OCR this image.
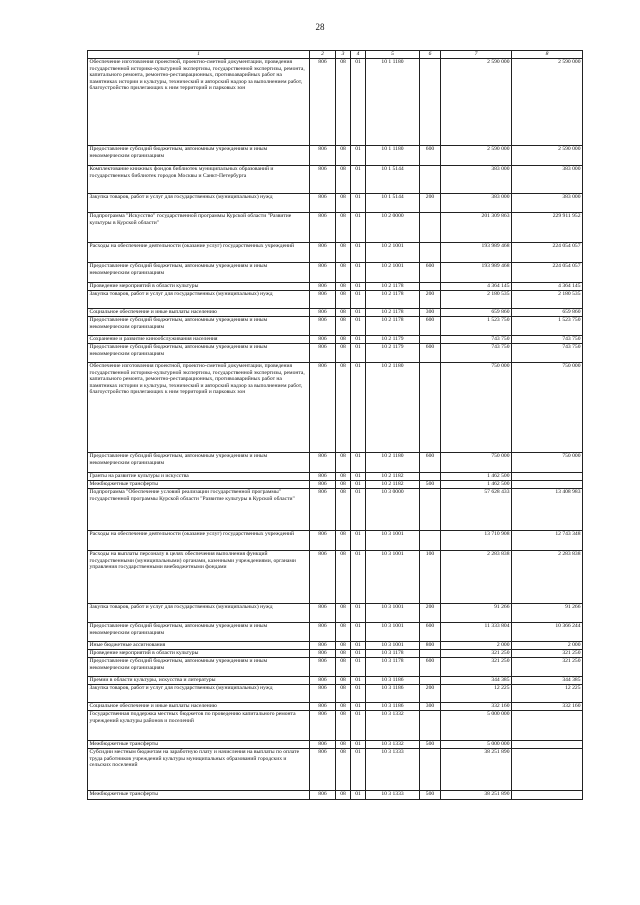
28
1	2	3	4	5	6	7	8
Обеспечение изготовления проектной, проектно-сметной документации, проведения государственной историко-культурной экспертизы, государственной экспертизы, ремонта, капитального ремонта, ремонтно-реставрационных, противоаварийных работ на памятниках истории и культуры, технический и авторский надзор за выполнением работ, благоустройство прилегающих к ним территорий и парковых зон	806	08	01	10 1 1180		2 590 000	2 590 000
Предоставление субсидий бюджетным, автономным учреждениям и иным некоммерческим организациям	806	08	01	10 1 1180	600	2 590 000	2 590 000
Комплектование книжных фондов библиотек муниципальных образований и государственных библиотек городов Москвы и Санкт-Петербурга	806	08	01	10 1 5144		383 000	383 000
Закупка товаров, работ и услуг для государственных (муниципальных) нужд	806	08	01	10 1 5144	200	383 000	383 000
Подпрограмма "Искусство" государственной программы Курской области "Развитие культуры в Курской области"	806	08	01	10 2 0000		201 309 863	229 911 952
Расходы на обеспечение деятельности (оказание услуг) государственных учреждений	806	08	01	10 2 1001		193 989 468	224 054 057
Предоставление субсидий бюджетным, автономным учреждениям и иным некоммерческим организациям	806	08	01	10 2 1001	600	193 989 468	224 054 057
Проведение мероприятий в области культуры	806	08	01	10 2 1178		4 364 145	4 364 145
Закупка товаров, работ и услуг для государственных (муниципальных) нужд	806	08	01	10 2 1178	200	2 180 535	2 180 535
Социальное обеспечение и иные выплаты населению	806	08	01	10 2 1178	300	659 860	659 860
Предоставление субсидий бюджетным, автономным учреждениям и иным некоммерческим организациям	806	08	01	10 2 1178	600	1 523 750	1 523 750
Сохранение и развитие кинообслуживания населения	806	08	01	10 2 1179		743 750	743 750
Предоставление субсидий бюджетным, автономным учреждениям и иным некоммерческим организациям	806	08	01	10 2 1179	600	743 750	743 750
Обеспечение изготовления проектной, проектно-сметной документации, проведения государственной историко-культурной экспертизы, государственной экспертизы, ремонта, капитального ремонта, ремонтно-реставрационных, противоаварийных работ на памятниках истории и культуры, технический и авторский надзор за выполнением работ, благоустройство прилегающих к ним территорий и парковых зон	806	08	01	10 2 1180		750 000	750 000
Предоставление субсидий бюджетным, автономным учреждениям и иным некоммерческим организациям	806	08	01	10 2 1180	600	750 000	750 000
Гранты на развитие культуры и искусства	806	08	01	10 2 1182		1 462 500	
Межбюджетные трансферты	806	08	01	10 2 1182	500	1 462 500	
Подпрограмма "Обеспечение условий реализации государственной программы" государственной программы Курской области "Развитие культуры в Курской области"	806	08	01	10 3 0000		57 628 433	13 408 983
Расходы на обеспечение деятельности (оказание услуг) государственных учреждений	806	08	01	10 3 1001		13 710 908	12 743 348
Расходы на выплаты персоналу в целях обеспечения выполнения функций государственными (муниципальными) органами, казенными учреждениями, органами управления государственными внебюджетными фондами	806	08	01	10 3 1001	100	2 283 838	2 283 838
Закупка товаров, работ и услуг для государственных (муниципальных) нужд	806	08	01	10 3 1001	200	91 266	91 266
Предоставление субсидий бюджетным, автономным учреждениям и иным некоммерческим организациям	806	08	01	10 3 1001	600	11 333 804	10 366 244
Иные бюджетные ассигнования	806	08	01	10 3 1001	800	2 000	2 000
Проведение мероприятий в области культуры	806	08	01	10 3 1178		321 250	321 250
Предоставление субсидий бюджетным, автономным учреждениям и иным некоммерческим организациям	806	08	01	10 3 1178	600	321 250	321 250
Премии в области культуры, искусства и литературы	806	08	01	10 3 1186		344 385	344 385
Закупка товаров, работ и услуг для государственных (муниципальных) нужд	806	08	01	10 3 1186	200	12 225	12 225
Социальное обеспечение и иные выплаты населению	806	08	01	10 3 1186	300	332 160	332 160
Государственная поддержка местных бюджетов по проведению капитального ремонта учреждений культуры районов и поселений	806	08	01	10 3 1332		5 000 000	
Межбюджетные трансферты	806	08	01	10 3 1332	500	5 000 000	
Субсидии местным бюджетам на заработную плату и начисления на выплаты по оплате труда работников учреждений культуры муниципальных образований городских и сельских поселений	806	08	01	10 3 1333		38 251 890	
Межбюджетные трансферты	806	08	01	10 3 1333	500	38 251 890	
